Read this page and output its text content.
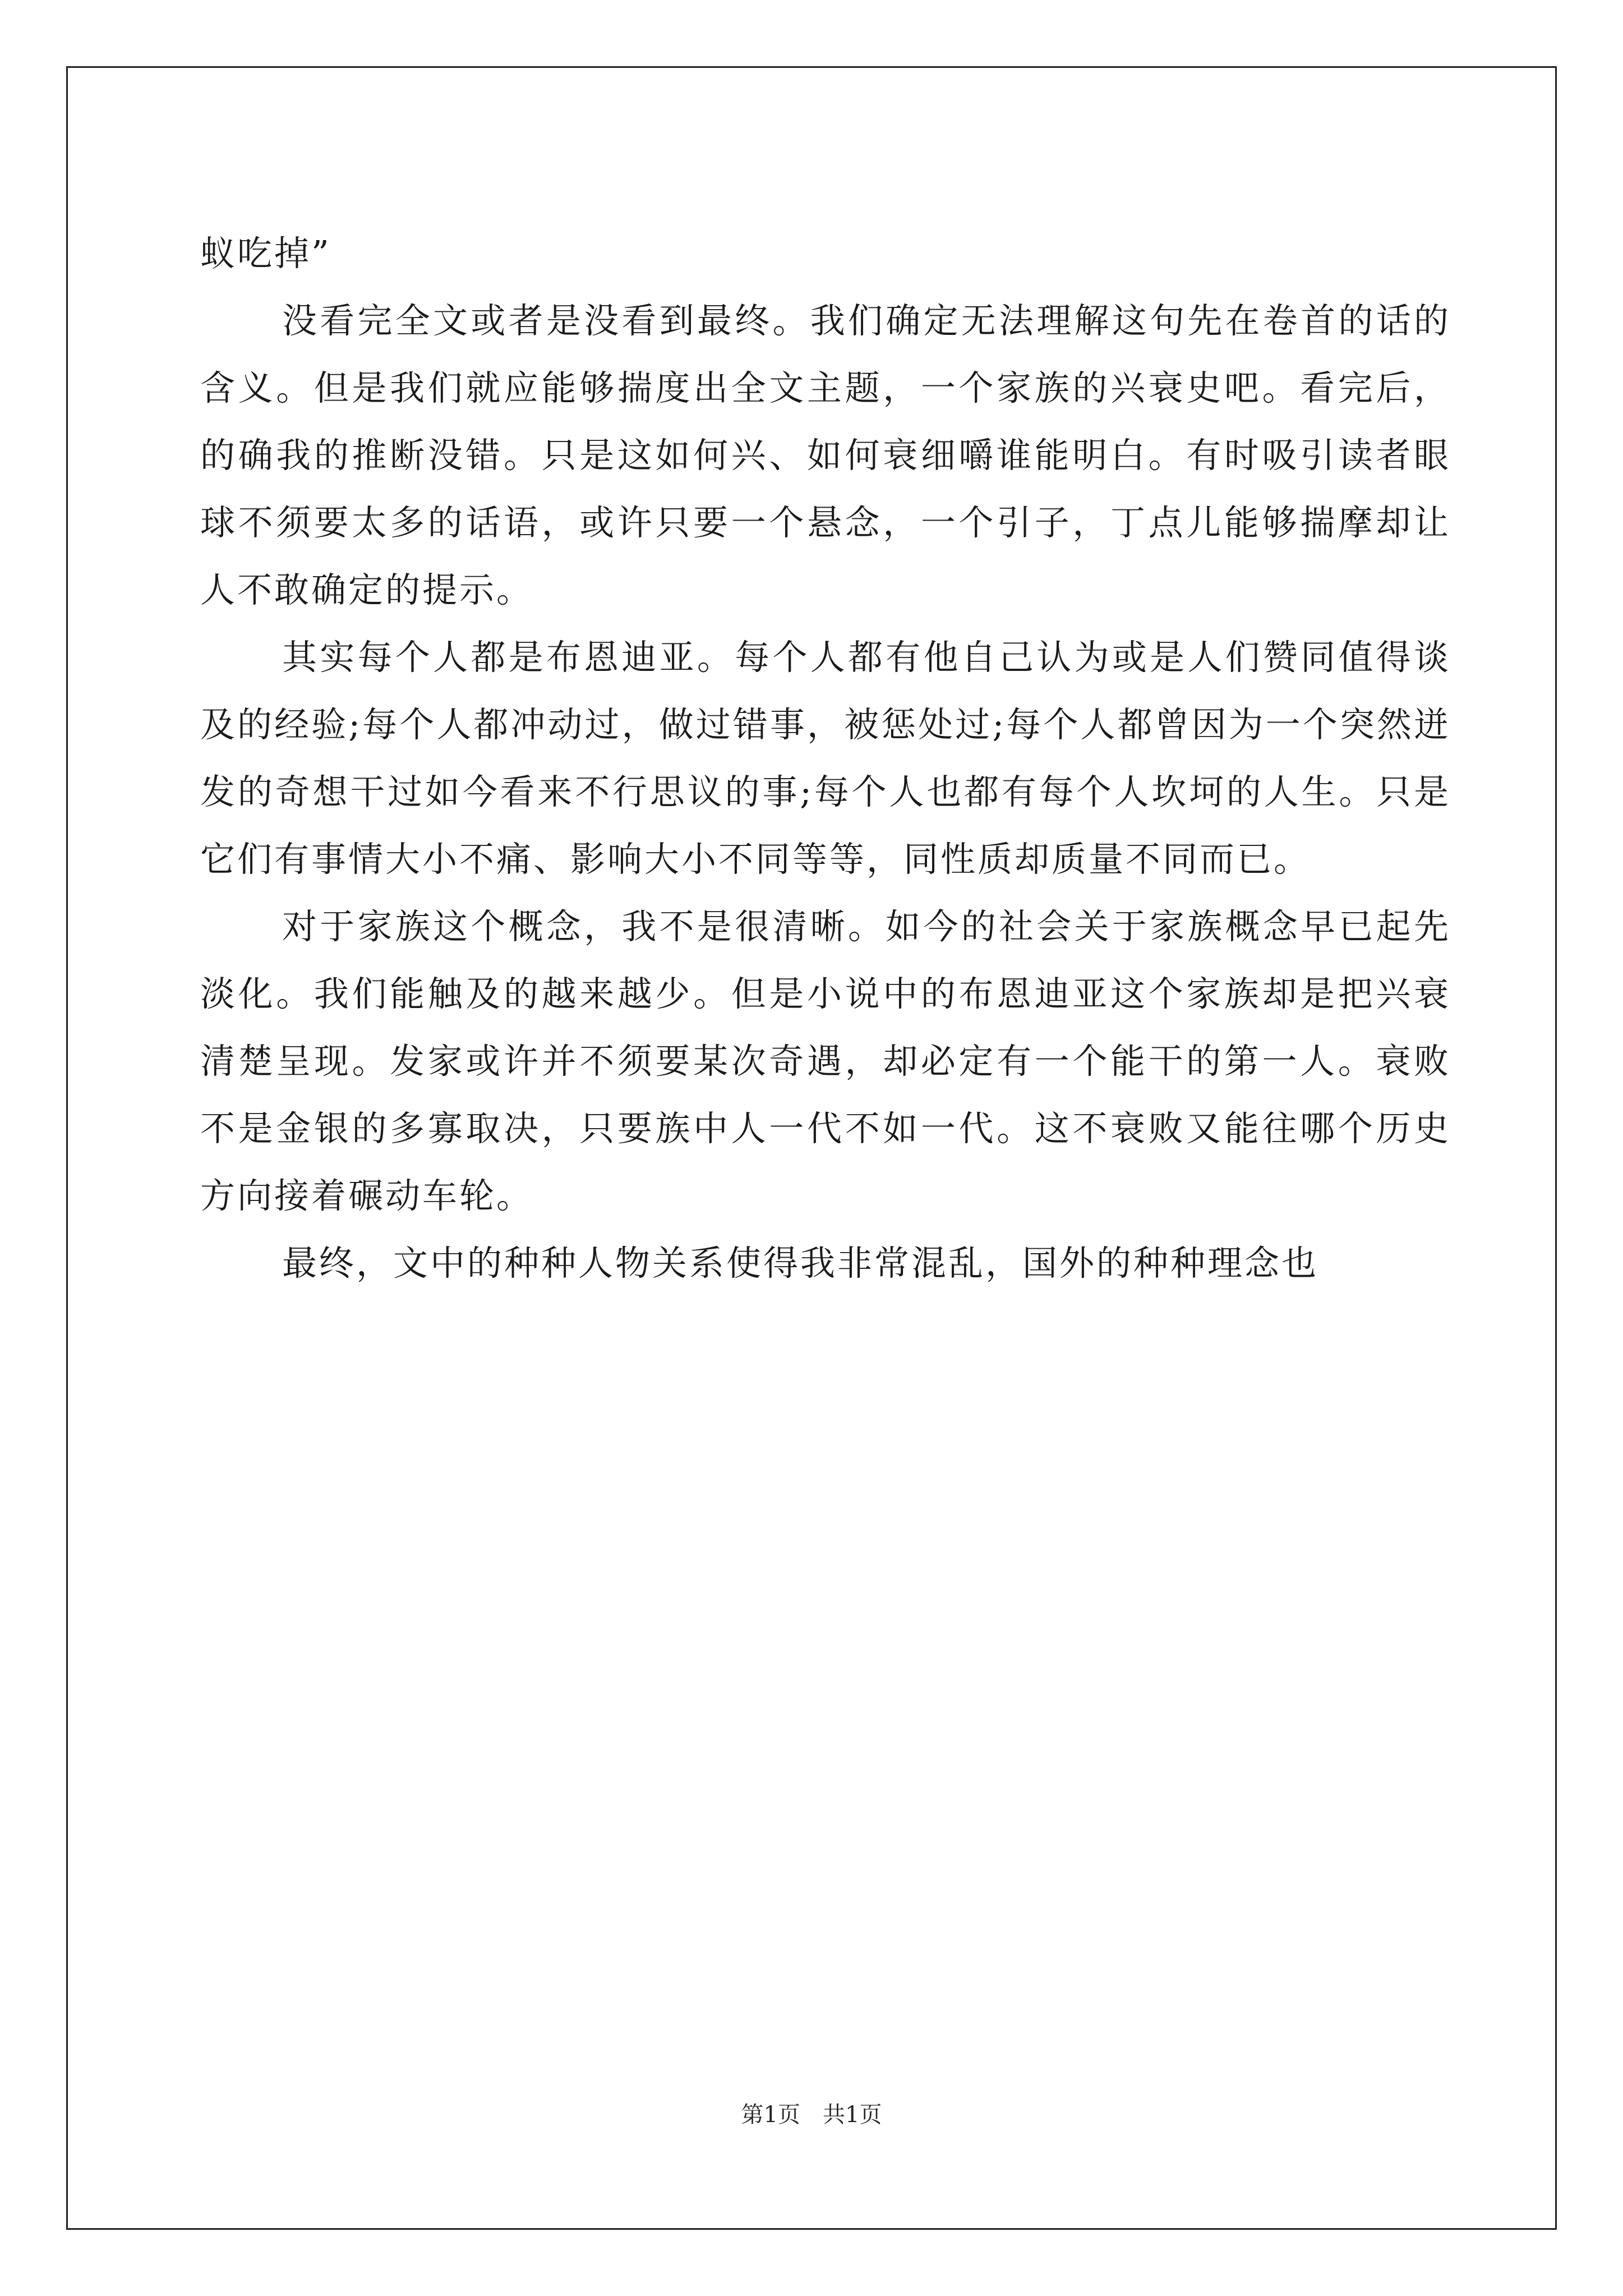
蚁吃掉”

没看完全文或者是没看到最终。我们确定无法理解这句先在卷首的话的含义。但是我们就应能够揣度出全文主题，一个家族的兴衰史吧。看完后，的确我的推断没错。只是这如何兴、如何衰细嚼谁能明白。有时吸引读者眼球不须要太多的话语，或许只要一个悬念，一个引子，丁点儿能够揣摩却让人不敢确定的提示。

其实每个人都是布恩迪亚。每个人都有他自己认为或是人们赞同值得谈及的经验;每个人都冲动过，做过错事，被惩处过;每个人都曾因为一个突然迸发的奇想干过如今看来不行思议的事;每个人也都有每个人坎坷的人生。只是它们有事情大小不痛、影响大小不同等等，同性质却质量不同而已。

对于家族这个概念，我不是很清晰。如今的社会关于家族概念早已起先淡化。我们能触及的越来越少。但是小说中的布恩迪亚这个家族却是把兴衰清楚呈现。发家或许并不须要某次奇遇，却必定有一个能干的第一人。衰败不是金银的多寡取决，只要族中人一代不如一代。这不衰败又能往哪个历史方向接着碾动车轮。

最终，文中的种种人物关系使得我非常混乱，国外的种种理念也

第1页 共1页
